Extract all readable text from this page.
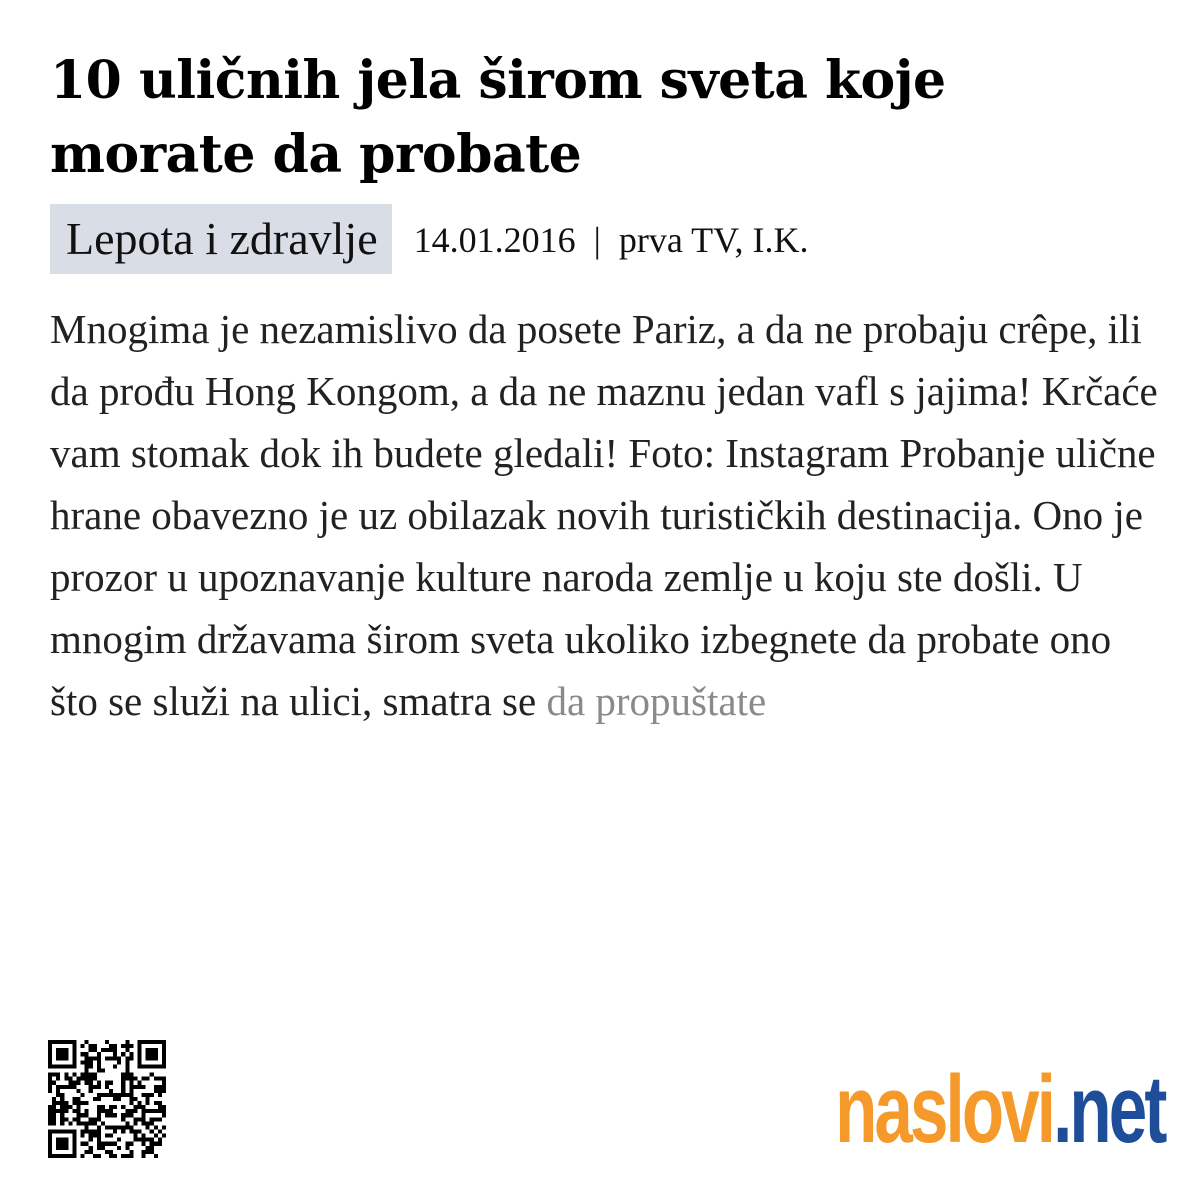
10 uličnih jela širom sveta koje morate da probate
Lepota i zdravlje	14.01.2016 | prva TV, I.K.

Mnogima je nezamislivo da posete Pariz, a da ne probaju crêpe, ili da prođu Hong Kongom, a da ne maznu jedan vafl s jajima! Krčaće vam stomak dok ih budete gledali! Foto: Instagram Probanje ulične hrane obavezno je uz obilazak novih turističkih destinacija. Ono je prozor u upoznavanje kulture naroda zemlje u koju ste došli. U mnogim državama širom sveta ukoliko izbegnete da probate ono što se služi na ulici, smatra se da propuštate

naslovi.net
